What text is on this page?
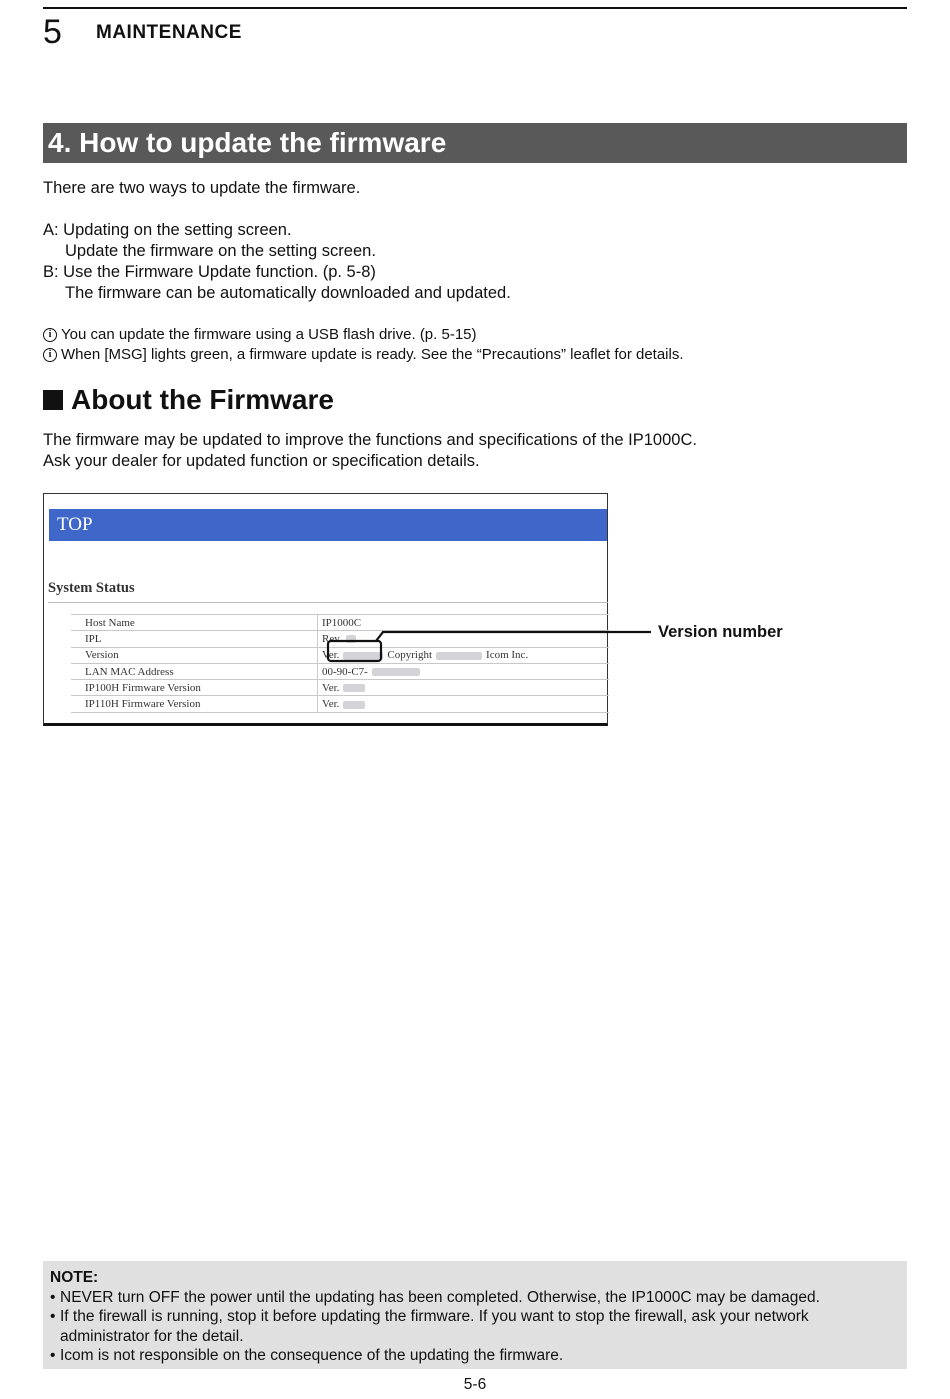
5 MAINTENANCE
4. How to update the firmware
There are two ways to update the firmware.
A: Updating on the setting screen.
Update the firmware on the setting screen.
B: Use the Firmware Update function. (p. 5-8)
The firmware can be automatically downloaded and updated.
i You can update the firmware using a USB flash drive. (p. 5-15)
i When [MSG] lights green, a firmware update is ready. See the “Precautions” leaflet for details.
About the Firmware
The firmware may be updated to improve the functions and specifications of the IP1000C.
Ask your dealer for updated function or specification details.
TOP
System Status
Host Name	IP1000C
IPL	Rev.
Version	Ver. Copyright Icom Inc.
LAN MAC Address	00-90-C7-
IP100H Firmware Version	Ver.
IP110H Firmware Version	Ver.
Version number
NOTE:
• NEVER turn OFF the power until the updating has been completed. Otherwise, the IP1000C may be damaged.
• If the firewall is running, stop it before updating the firmware. If you want to stop the firewall, ask your network
administrator for the detail.
• Icom is not responsible on the consequence of the updating the firmware.
5-6
